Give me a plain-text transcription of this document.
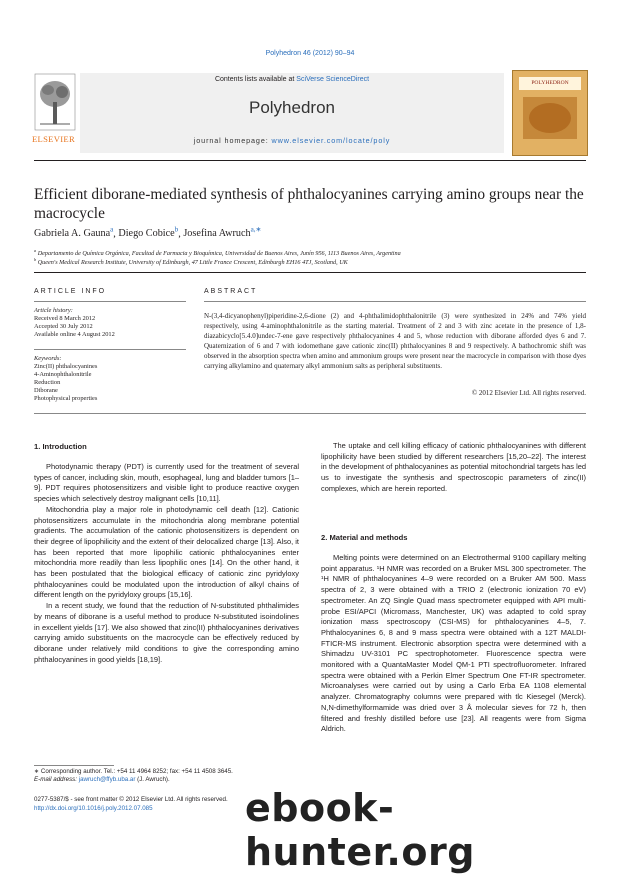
Polyhedron 46 (2012) 90–94
ELSEVIER
Contents lists available at SciVerse ScienceDirect
Polyhedron
journal homepage: www.elsevier.com/locate/poly
POLYHEDRON
Efficient diborane-mediated synthesis of phthalocyanines carrying amino groups near the macrocycle
Gabriela A. Gauna$^a$, Diego Cobice$^b$, Josefina Awruch$^{a,∗}$
$^a$ Departamento de Química Orgánica, Facultad de Farmacia y Bioquímica, Universidad de Buenos Aires, Junín 956, 1113 Buenos Aires, Argentina
$^b$ Queen's Medical Research Institute, University of Edinburgh, 47 Little France Crescent, Edinburgh EH16 4TJ, Scotland, UK
ARTICLE INFO
Article history:
Received 8 March 2012
Accepted 30 July 2012
Available online 4 August 2012
Keywords:
Zinc(II) phthalocyanines
4-Aminophthalonitrile
Reduction
Diborane
Photophysical properties
ABSTRACT
N-(3,4-dicyanophenyl)piperidine-2,6-dione (2) and 4-phthalimidophthalonitrile (3) were synthesized in 24% and 74% yield respectively, using 4-aminophthalonitrile as the starting material. Treatment of 2 and 3 with zinc acetate in the presence of 1,8-diazabicyclo[5.4.0]undec-7-ene gave respectively phthalocyanines 4 and 5, whose reduction with diborane afforded dyes 6 and 7. Quaternization of 6 and 7 with iodomethane gave cationic zinc(II) phthalocyanines 8 and 9 respectively. A bathochromic shift was observed in the absorption spectra when amino and ammonium groups were present near the macrocycle in comparison with those dyes carrying alkylamino and quaternary alkyl ammonium salts as peripheral substituents.
© 2012 Elsevier Ltd. All rights reserved.
1. Introduction

Photodynamic therapy (PDT) is currently used for the treatment of several types of cancer, including skin, mouth, esophageal, lung and bladder tumors [1–9]. PDT requires photosensitizers and visible light to produce reactive oxygen species which selectively destroy malignant cells [10,11].

Mitochondria play a major role in photodynamic cell death [12]. Cationic photosensitizers accumulate in the mitochondria along membrane potential gradients. The accumulation of the cationic photosensitizers is dependent on their degree of lipophilicity and the extent of their delocalized charge [13]. Also, it has been reported that more lipophilic cationic phthalocyanines enter mitochondria more readily than less lipophilic ones [14]. On the other hand, it has been postulated that the biological efficacy of cationic zinc pyridyloxy phthalocyanines could be modulated upon the introduction of alkyl chains of different length on the pyridyloxy groups [15,16].

In a recent study, we found that the reduction of N-substituted phthalimides by means of diborane is a useful method to produce N-substituted isoindolines in excellent yields [17]. We also showed that zinc(II) phthalocyanines derivatives carrying amido substituents on the macrocycle can be effectively reduced by diborane under relatively mild conditions to give the corresponding amino phthalocyanines in good yields [18,19].

The uptake and cell killing efficacy of cationic phthalocyanines with different lipophilicity have been studied by different researchers [15,20–22]. The interest in the development of phthalocyanines as potential mitochondrial targets has led us to investigate the synthesis and spectroscopic parameters of zinc(II) complexes, which are herein reported.

2. Material and methods

Melting points were determined on an Electrothermal 9100 capillary melting point apparatus. ¹H NMR was recorded on a Bruker MSL 300 spectrometer. The ¹H NMR of phthalocyanines 4–9 were recorded on a Bruker AM 500. Mass spectra of 2, 3 were obtained with a TRIO 2 (electronic ionization 70 eV) spectrometer. An ZQ Single Quad mass spectrometer equipped with API multi-probe ESI/APCI (Micromass, Manchester, UK) was adapted to cold spray ionization mass spectroscopy (CSI-MS) for phthalocyanines 4–5, 7. Phthalocyanines 6, 8 and 9 mass spectra were obtained with a 12T MALDI-FTICR-MS instrument. Electronic absorption spectra were determined with a Shimadzu UV-3101 PC spectrophotometer. Fluorescence spectra were monitored with a QuantaMaster Model QM-1 PTI spectrofluorometer. Infrared spectra were obtained with a Perkin Elmer Spectrum One FT-IR spectrometer. Microanalyses were carried out by using a Carlo Erba EA 1108 elemental analyzer. Chromatography columns were prepared with tlc Kiesegel (Merck). N,N-dimethylformamide was dried over 3 Å molecular sieves for 72 h, then filtered and freshly distilled before use [23]. All reagents were from Sigma Aldrich.

∗ Corresponding author. Tel.: +54 11 4964 8252; fax: +54 11 4508 3645.
E-mail address: jawruch@ffyb.uba.ar (J. Awruch).
0277-5387/$ - see front matter © 2012 Elsevier Ltd. All rights reserved.
http://dx.doi.org/10.1016/j.poly.2012.07.085	ebook-hunter.org
